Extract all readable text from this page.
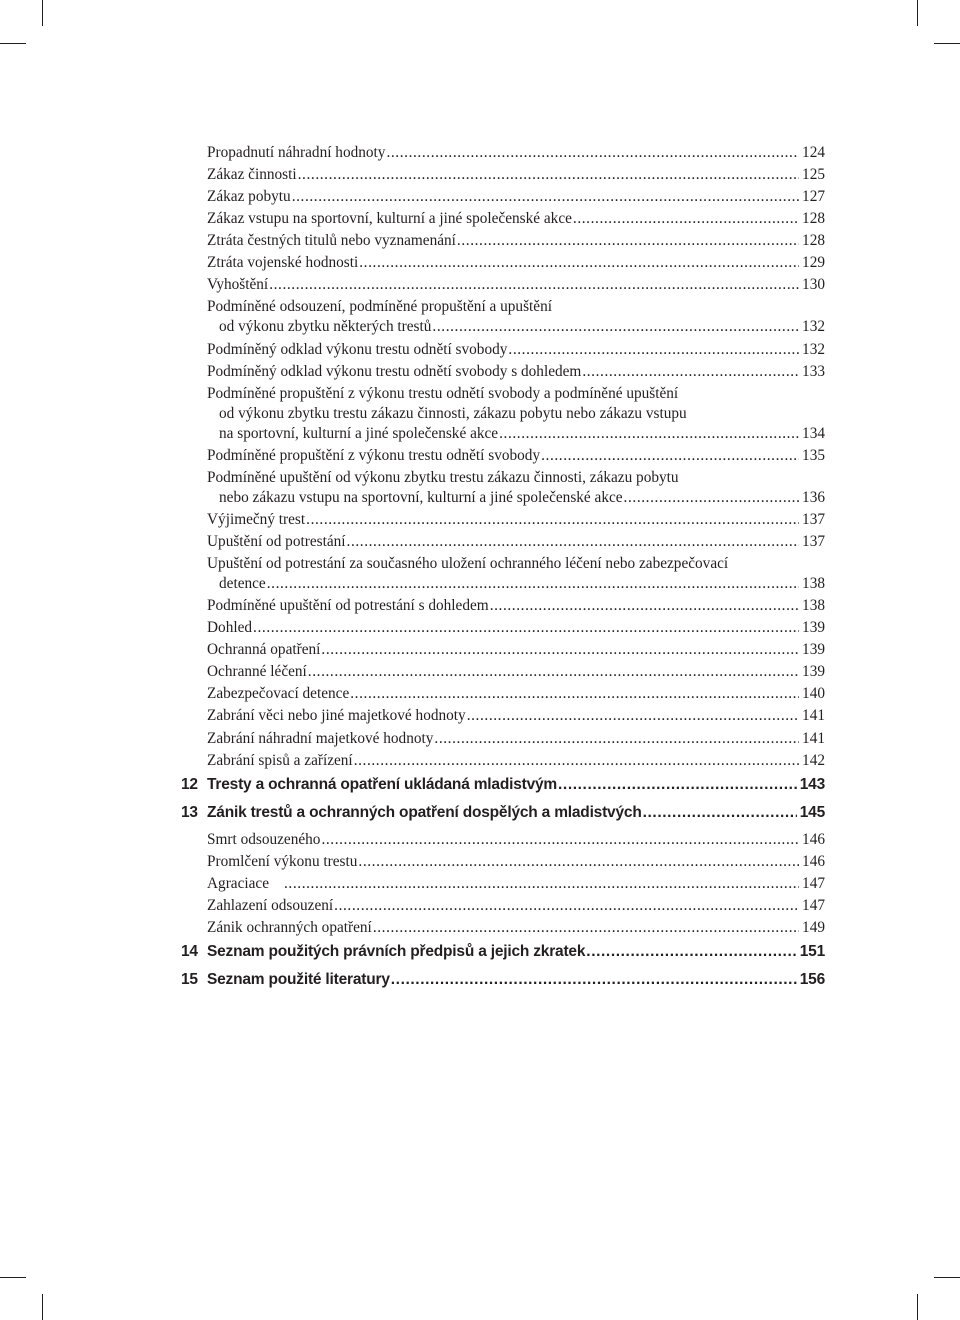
Propadnutí náhradní hodnoty .....	124
Zákaz činnosti .....	125
Zákaz pobytu .....	127
Zákaz vstupu na sportovní, kulturní a jiné společenské akce .....	128
Ztráta čestných titulů nebo vyznamenání .....	128
Ztráta vojenské hodnosti .....	129
Vyhoštění .....	130
Podmíněné odsouzení, podmíněné propuštění a upuštění
od výkonu zbytku některých trestů .....	132
Podmíněný odklad výkonu trestu odnětí svobody .....	132
Podmíněný odklad výkonu trestu odnětí svobody s dohledem .....	133
Podmíněné propuštění z výkonu trestu odnětí svobody a podmíněné upuštění
od výkonu zbytku trestu zákazu činnosti, zákazu pobytu nebo zákazu vstupu
na sportovní, kulturní a jiné společenské akce .....	134
Podmíněné propuštění z výkonu trestu odnětí svobody .....	135
Podmíněné upuštění od výkonu zbytku trestu zákazu činnosti, zákazu pobytu
nebo zákazu vstupu na sportovní, kulturní a jiné společenské akce .....	136
Výjimečný trest .....	137
Upuštění od potrestání .....	137
Upuštění od potrestání za současného uložení ochranného léčení nebo zabezpečovací
detence .....	138
Podmíněné upuštění od potrestání s dohledem .....	138
Dohled .....	139
Ochranná opatření .....	139
Ochranné léčení .....	139
Zabezpečovací detence .....	140
Zabrání věci nebo jiné majetkové hodnoty .....	141
Zabrání náhradní majetkové hodnoty .....	141
Zabrání spisů a zařízení .....	142
12 Tresty a ochranná opatření ukládaná mladistvým .....	143
13 Zánik trestů a ochranných opatření dospělých a mladistvých .....	145
Smrt odsouzeného .....	146
Promlčení výkonu trestu .....	146
Agraciace .....	147
Zahlazení odsouzení .....	147
Zánik ochranných opatření .....	149
14 Seznam použitých právních předpisů a jejich zkratek .....	151
15 Seznam použité literatury .....	156
